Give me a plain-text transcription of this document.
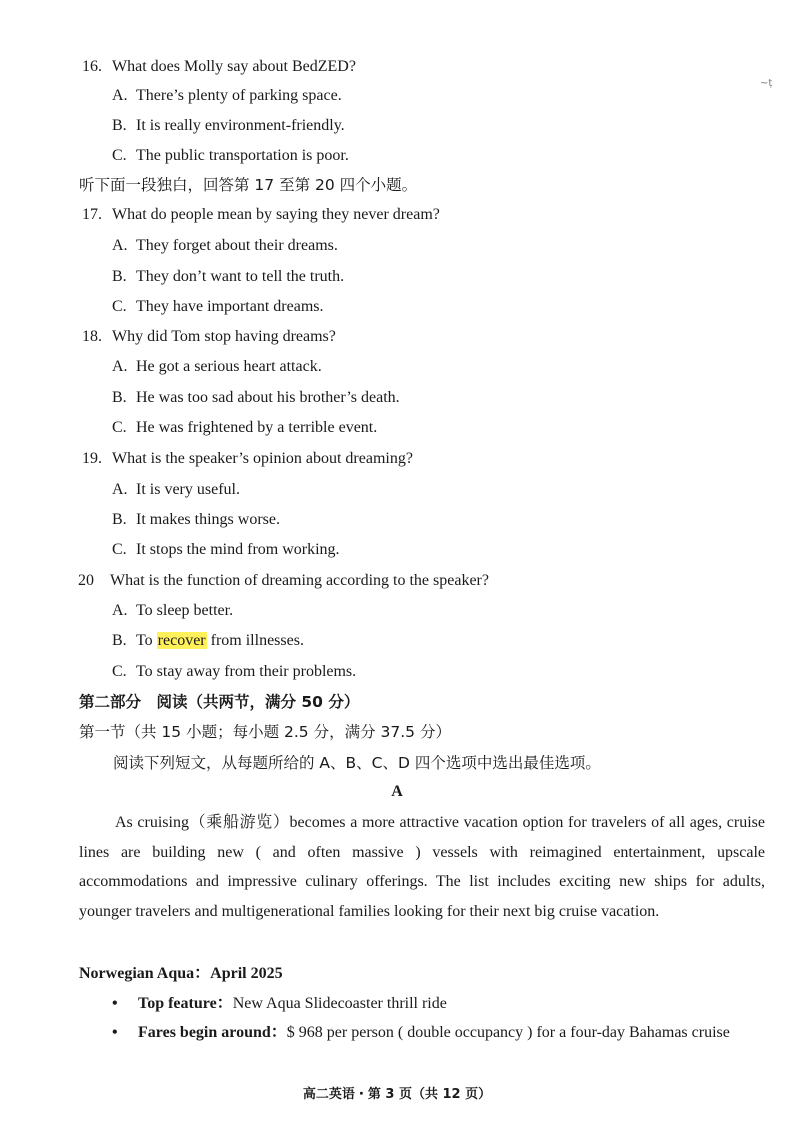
~ṭ
16. What does Molly say about BedZED?
A. There’s plenty of parking space.
B. It is really environment-friendly.
C. The public transportation is poor.
听下面一段独白，回答第 17 至第 20 四个小题。
17. What do people mean by saying they never dream?
A. They forget about their dreams.
B. They don’t want to tell the truth.
C. They have important dreams.
18. Why did Tom stop having dreams?
A. He got a serious heart attack.
B. He was too sad about his brother’s death.
C. He was frightened by a terrible event.
19. What is the speaker’s opinion about dreaming?
A. It is very useful.
B. It makes things worse.
C. It stops the mind from working.
20 What is the function of dreaming according to the speaker?
A. To sleep better.
B. To recover from illnesses.
C. To stay away from their problems.
第二部分　阅读（共两节，满分 50 分）
第一节（共 15 小题；每小题 2.5 分，满分 37.5 分）
阅读下列短文，从每题所给的 A、B、C、D 四个选项中选出最佳选项。
A
As cruising（乘船游览）becomes a more attractive vacation option for travelers of all ages, cruise lines are building new ( and often massive ) vessels with reimagined entertainment, upscale accommodations and impressive culinary offerings. The list includes exciting new ships for adults, younger travelers and multigenerational families looking for their next big cruise vacation.
Norwegian Aqua：April 2025
• Top feature：New Aqua Slidecoaster thrill ride
• Fares begin around：$ 968 per person ( double occupancy ) for a four-day Bahamas cruise
高二英语・第 3 页（共 12 页）
